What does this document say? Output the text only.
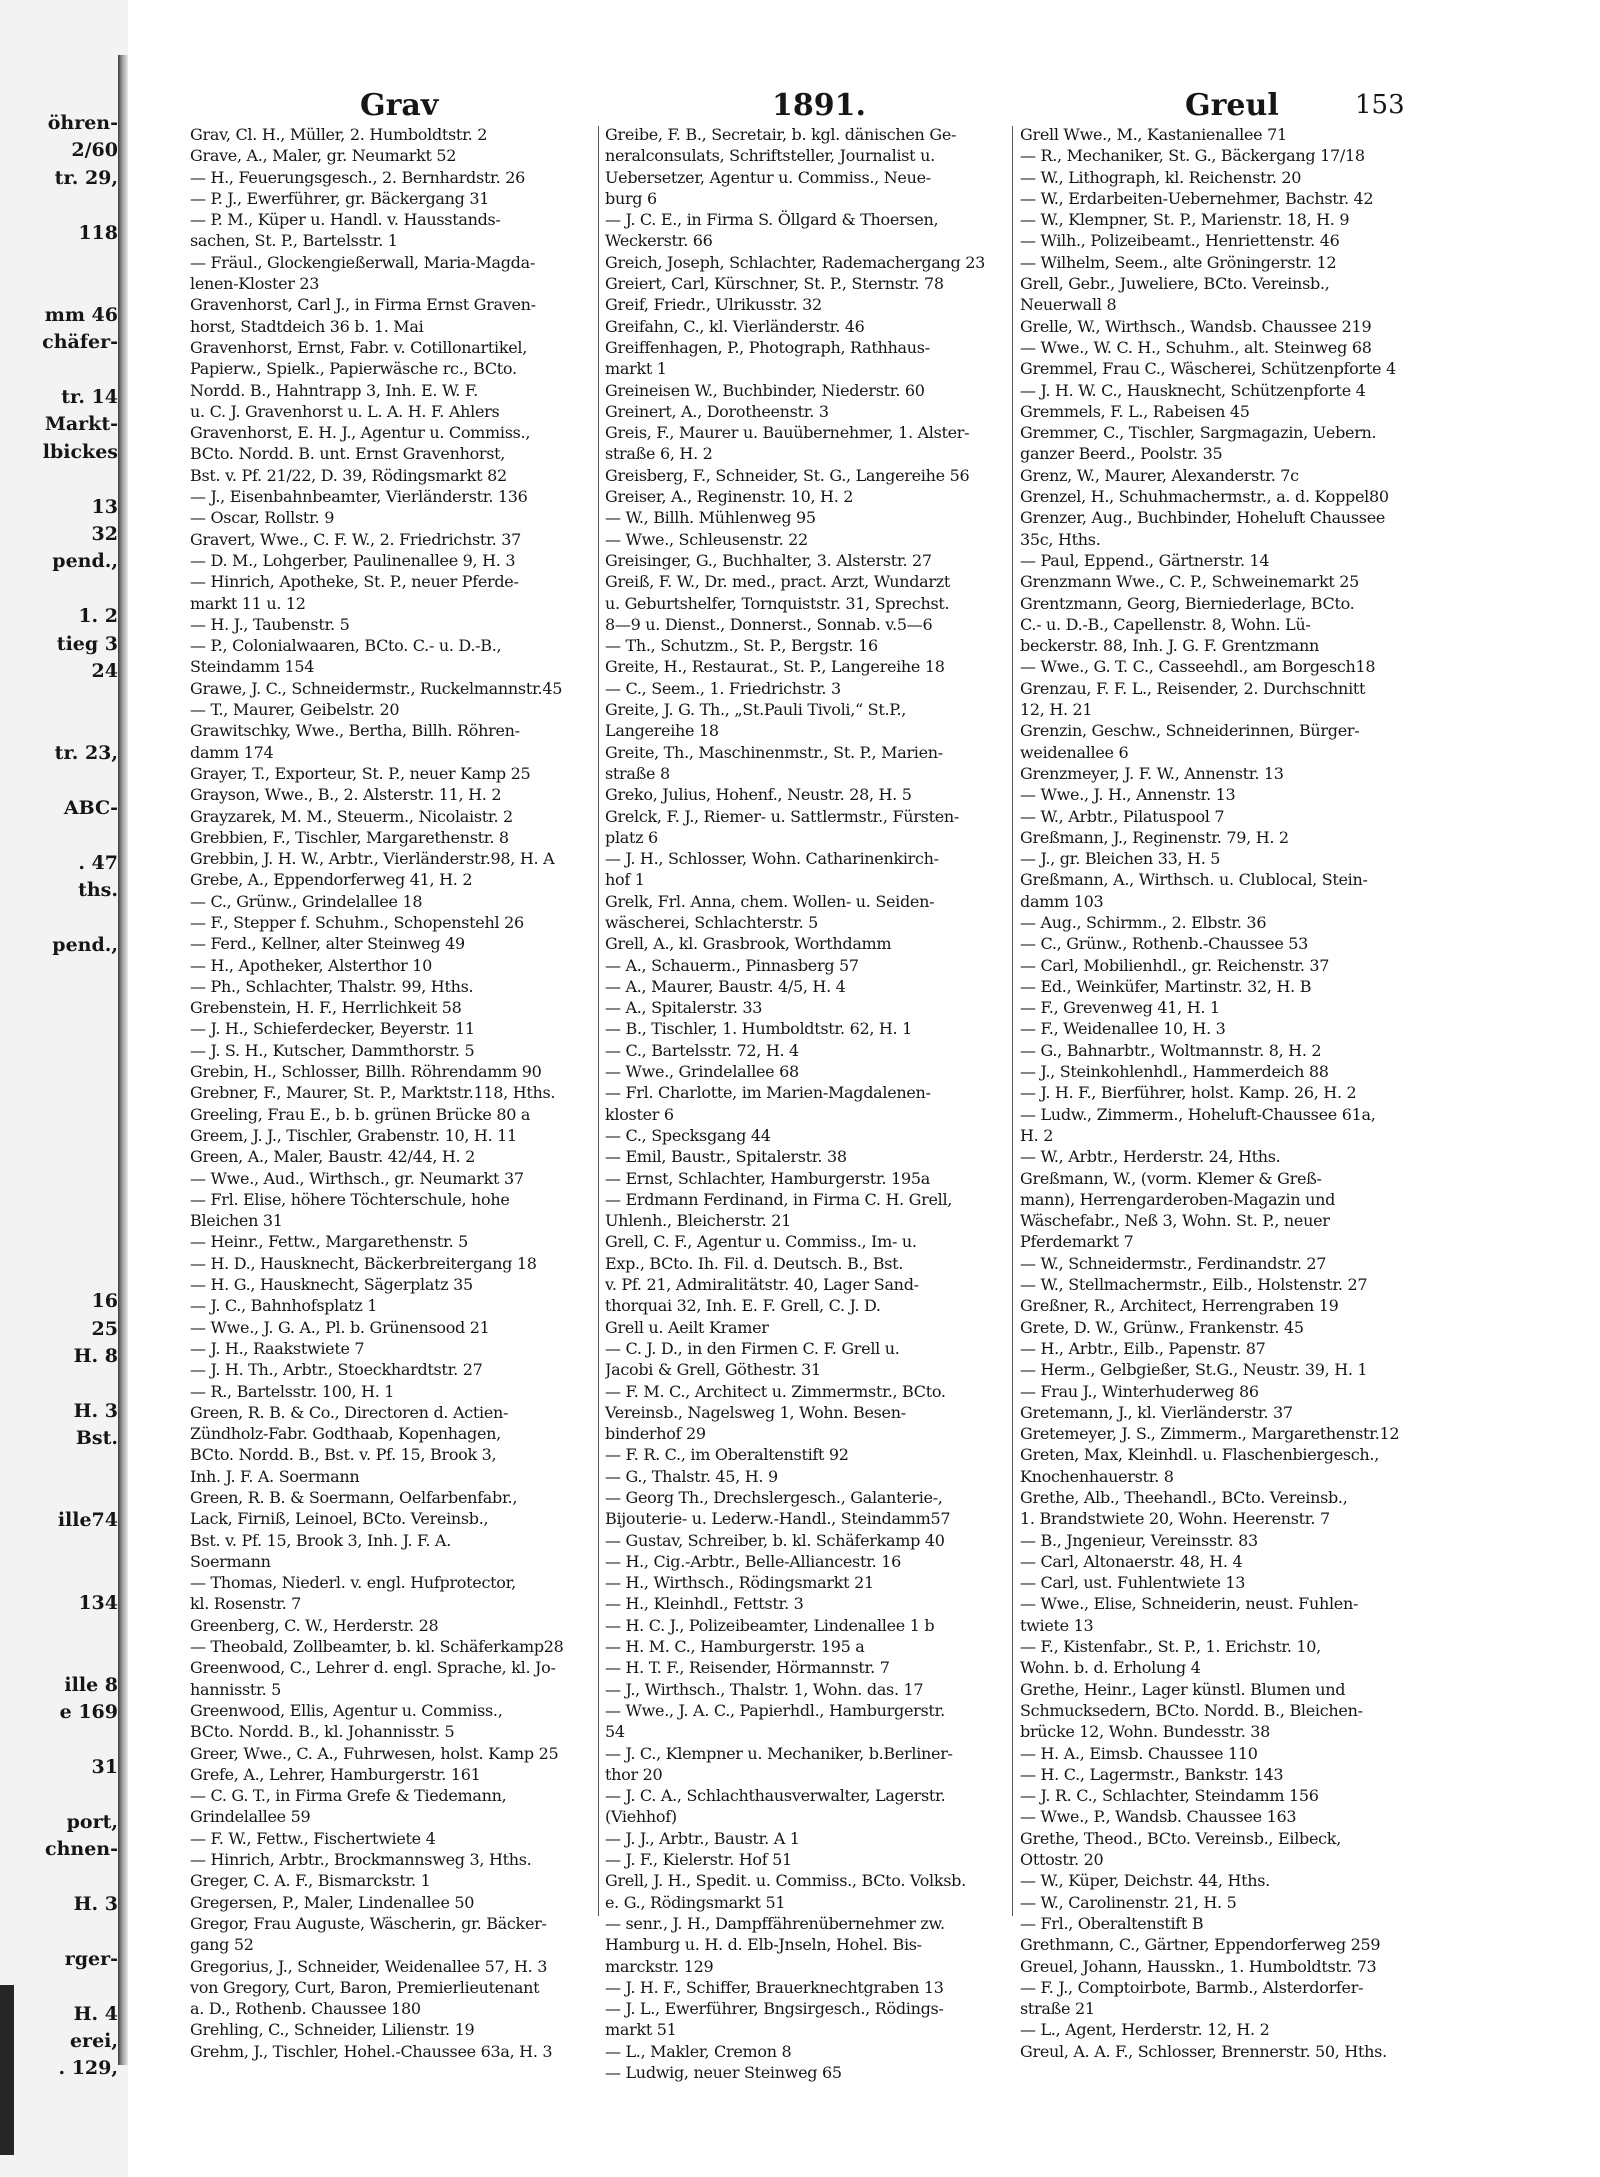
öhren-
2/60
tr. 29,
118
mm 46
chäfer-
tr. 14
Markt-
lbickes
13
32
pend.,
1. 2
tieg 3
24
tr. 23,
ABC-
. 47
ths.
pend.,
16
25
H. 8
H. 3
Bst.
ille74
134
ille 8
e 169
31
port,
chnen-
H. 3
rger-
H. 4
erei,
. 129,
Grav	1891.	Greul	153
Grav, Cl. H., Müller, 2. Humboldtstr. 2
Grave, A., Maler, gr. Neumarkt 52
— H., Feuerungsgesch., 2. Bernhardstr. 26
— P. J., Ewerführer, gr. Bäckergang 31
— P. M., Küper u. Handl. v. Hausstands-
sachen, St. P., Bartelsstr. 1
— Fräul., Glockengießerwall, Maria-Magda-
lenen-Kloster 23
Gravenhorst, Carl J., in Firma Ernst Graven-
horst, Stadtdeich 36 b. 1. Mai
Gravenhorst, Ernst, Fabr. v. Cotillonartikel,
Papierw., Spielk., Papierwäsche rc., BCto.
Nordd. B., Hahntrapp 3, Inh. E. W. F.
u. C. J. Gravenhorst u. L. A. H. F. Ahlers
Gravenhorst, E. H. J., Agentur u. Commiss.,
BCto. Nordd. B. unt. Ernst Gravenhorst,
Bst. v. Pf. 21/22, D. 39, Rödingsmarkt 82
— J., Eisenbahnbeamter, Vierländerstr. 136
— Oscar, Rollstr. 9
Gravert, Wwe., C. F. W., 2. Friedrichstr. 37
— D. M., Lohgerber, Paulinenallee 9, H. 3
— Hinrich, Apotheke, St. P., neuer Pferde-
markt 11 u. 12
— H. J., Taubenstr. 5
— P., Colonialwaaren, BCto. C.- u. D.-B.,
Steindamm 154
Grawe, J. C., Schneidermstr., Ruckelmannstr.45
— T., Maurer, Geibelstr. 20
Grawitschky, Wwe., Bertha, Billh. Röhren-
damm 174
Grayer, T., Exporteur, St. P., neuer Kamp 25
Grayson, Wwe., B., 2. Alsterstr. 11, H. 2
Grayzarek, M. M., Steuerm., Nicolaistr. 2
Grebbien, F., Tischler, Margarethenstr. 8
Grebbin, J. H. W., Arbtr., Vierländerstr.98, H. A
Grebe, A., Eppendorferweg 41, H. 2
— C., Grünw., Grindelallee 18
— F., Stepper f. Schuhm., Schopenstehl 26
— Ferd., Kellner, alter Steinweg 49
— H., Apotheker, Alsterthor 10
— Ph., Schlachter, Thalstr. 99, Hths.
Grebenstein, H. F., Herrlichkeit 58
— J. H., Schieferdecker, Beyerstr. 11
— J. S. H., Kutscher, Dammthorstr. 5
Grebin, H., Schlosser, Billh. Röhrendamm 90
Grebner, F., Maurer, St. P., Marktstr.118, Hths.
Greeling, Frau E., b. b. grünen Brücke 80 a
Greem, J. J., Tischler, Grabenstr. 10, H. 11
Green, A., Maler, Baustr. 42/44, H. 2
— Wwe., Aud., Wirthsch., gr. Neumarkt 37
— Frl. Elise, höhere Töchterschule, hohe
Bleichen 31
— Heinr., Fettw., Margarethenstr. 5
— H. D., Hausknecht, Bäckerbreitergang 18
— H. G., Hausknecht, Sägerplatz 35
— J. C., Bahnhofsplatz 1
— Wwe., J. G. A., Pl. b. Grünensood 21
— J. H., Raakstwiete 7
— J. H. Th., Arbtr., Stoeckhardtstr. 27
— R., Bartelsstr. 100, H. 1
Green, R. B. & Co., Directoren d. Actien-
Zündholz-Fabr. Godthaab, Kopenhagen,
BCto. Nordd. B., Bst. v. Pf. 15, Brook 3,
Inh. J. F. A. Soermann
Green, R. B. & Soermann, Oelfarbenfabr.,
Lack, Firniß, Leinoel, BCto. Vereinsb.,
Bst. v. Pf. 15, Brook 3, Inh. J. F. A.
Soermann
— Thomas, Niederl. v. engl. Hufprotector,
kl. Rosenstr. 7
Greenberg, C. W., Herderstr. 28
— Theobald, Zollbeamter, b. kl. Schäferkamp28
Greenwood, C., Lehrer d. engl. Sprache, kl. Jo-
hannisstr. 5
Greenwood, Ellis, Agentur u. Commiss.,
BCto. Nordd. B., kl. Johannisstr. 5
Greer, Wwe., C. A., Fuhrwesen, holst. Kamp 25
Grefe, A., Lehrer, Hamburgerstr. 161
— C. G. T., in Firma Grefe & Tiedemann,
Grindelallee 59
— F. W., Fettw., Fischertwiete 4
— Hinrich, Arbtr., Brockmannsweg 3, Hths.
Greger, C. A. F., Bismarckstr. 1
Gregersen, P., Maler, Lindenallee 50
Gregor, Frau Auguste, Wäscherin, gr. Bäcker-
gang 52
Gregorius, J., Schneider, Weidenallee 57, H. 3
von Gregory, Curt, Baron, Premierlieutenant
a. D., Rothenb. Chaussee 180
Grehling, C., Schneider, Lilienstr. 19
Grehm, J., Tischler, Hohel.-Chaussee 63a, H. 3
Greibe, F. B., Secretair, b. kgl. dänischen Ge-
neralconsulats, Schriftsteller, Journalist u.
Uebersetzer, Agentur u. Commiss., Neue-
burg 6
— J. C. E., in Firma S. Öllgard & Thoersen,
Weckerstr. 66
Greich, Joseph, Schlachter, Rademachergang 23
Greiert, Carl, Kürschner, St. P., Sternstr. 78
Greif, Friedr., Ulrikusstr. 32
Greifahn, C., kl. Vierländerstr. 46
Greiffenhagen, P., Photograph, Rathhaus-
markt 1
Greineisen W., Buchbinder, Niederstr. 60
Greinert, A., Dorotheenstr. 3
Greis, F., Maurer u. Bauübernehmer, 1. Alster-
straße 6, H. 2
Greisberg, F., Schneider, St. G., Langereihe 56
Greiser, A., Reginenstr. 10, H. 2
— W., Billh. Mühlenweg 95
— Wwe., Schleusenstr. 22
Greisinger, G., Buchhalter, 3. Alsterstr. 27
Greiß, F. W., Dr. med., pract. Arzt, Wundarzt
u. Geburtshelfer, Tornquiststr. 31, Sprechst.
8—9 u. Dienst., Donnerst., Sonnab. v.5—6
— Th., Schutzm., St. P., Bergstr. 16
Greite, H., Restaurat., St. P., Langereihe 18
— C., Seem., 1. Friedrichstr. 3
Greite, J. G. Th., „St.Pauli Tivoli,“ St.P.,
Langereihe 18
Greite, Th., Maschinenmstr., St. P., Marien-
straße 8
Greko, Julius, Hohenf., Neustr. 28, H. 5
Grelck, F. J., Riemer- u. Sattlermstr., Fürsten-
platz 6
— J. H., Schlosser, Wohn. Catharinenkirch-
hof 1
Grelk, Frl. Anna, chem. Wollen- u. Seiden-
wäscherei, Schlachterstr. 5
Grell, A., kl. Grasbrook, Worthdamm
— A., Schauerm., Pinnasberg 57
— A., Maurer, Baustr. 4/5, H. 4
— A., Spitalerstr. 33
— B., Tischler, 1. Humboldtstr. 62, H. 1
— C., Bartelsstr. 72, H. 4
— Wwe., Grindelallee 68
— Frl. Charlotte, im Marien-Magdalenen-
kloster 6
— C., Specksgang 44
— Emil, Baustr., Spitalerstr. 38
— Ernst, Schlachter, Hamburgerstr. 195a
— Erdmann Ferdinand, in Firma C. H. Grell,
Uhlenh., Bleicherstr. 21
Grell, C. F., Agentur u. Commiss., Im- u.
Exp., BCto. Ih. Fil. d. Deutsch. B., Bst.
v. Pf. 21, Admiralitätstr. 40, Lager Sand-
thorquai 32, Inh. E. F. Grell, C. J. D.
Grell u. Aeilt Kramer
— C. J. D., in den Firmen C. F. Grell u.
Jacobi & Grell, Göthestr. 31
— F. M. C., Architect u. Zimmermstr., BCto.
Vereinsb., Nagelsweg 1, Wohn. Besen-
binderhof 29
— F. R. C., im Oberaltenstift 92
— G., Thalstr. 45, H. 9
— Georg Th., Drechslergesch., Galanterie-,
Bijouterie- u. Lederw.-Handl., Steindamm57
— Gustav, Schreiber, b. kl. Schäferkamp 40
— H., Cig.-Arbtr., Belle-Alliancestr. 16
— H., Wirthsch., Rödingsmarkt 21
— H., Kleinhdl., Fettstr. 3
— H. C. J., Polizeibeamter, Lindenallee 1 b
— H. M. C., Hamburgerstr. 195 a
— H. T. F., Reisender, Hörmannstr. 7
— J., Wirthsch., Thalstr. 1, Wohn. das. 17
— Wwe., J. A. C., Papierhdl., Hamburgerstr.
54
— J. C., Klempner u. Mechaniker, b.Berliner-
thor 20
— J. C. A., Schlachthausverwalter, Lagerstr.
(Viehhof)
— J. J., Arbtr., Baustr. A 1
— J. F., Kielerstr. Hof 51
Grell, J. H., Spedit. u. Commiss., BCto. Volksb.
e. G., Rödingsmarkt 51
— senr., J. H., Dampffährenübernehmer zw.
Hamburg u. H. d. Elb-Jnseln, Hohel. Bis-
marckstr. 129
— J. H. F., Schiffer, Brauerknechtgraben 13
— J. L., Ewerführer, Bngsirgesch., Rödings-
markt 51
— L., Makler, Cremon 8
— Ludwig, neuer Steinweg 65
Grell Wwe., M., Kastanienallee 71
— R., Mechaniker, St. G., Bäckergang 17/18
— W., Lithograph, kl. Reichenstr. 20
— W., Erdarbeiten-Uebernehmer, Bachstr. 42
— W., Klempner, St. P., Marienstr. 18, H. 9
— Wilh., Polizeibeamt., Henriettenstr. 46
— Wilhelm, Seem., alte Gröningerstr. 12
Grell, Gebr., Juweliere, BCto. Vereinsb.,
Neuerwall 8
Grelle, W., Wirthsch., Wandsb. Chaussee 219
— Wwe., W. C. H., Schuhm., alt. Steinweg 68
Gremmel, Frau C., Wäscherei, Schützenpforte 4
— J. H. W. C., Hausknecht, Schützenpforte 4
Gremmels, F. L., Rabeisen 45
Gremmer, C., Tischler, Sargmagazin, Uebern.
ganzer Beerd., Poolstr. 35
Grenz, W., Maurer, Alexanderstr. 7c
Grenzel, H., Schuhmachermstr., a. d. Koppel80
Grenzer, Aug., Buchbinder, Hoheluft Chaussee
35c, Hths.
— Paul, Eppend., Gärtnerstr. 14
Grenzmann Wwe., C. P., Schweinemarkt 25
Grentzmann, Georg, Bierniederlage, BCto.
C.- u. D.-B., Capellenstr. 8, Wohn. Lü-
beckerstr. 88, Inh. J. G. F. Grentzmann
— Wwe., G. T. C., Casseehdl., am Borgesch18
Grenzau, F. F. L., Reisender, 2. Durchschnitt
12, H. 21
Grenzin, Geschw., Schneiderinnen, Bürger-
weidenallee 6
Grenzmeyer, J. F. W., Annenstr. 13
— Wwe., J. H., Annenstr. 13
— W., Arbtr., Pilatuspool 7
Greßmann, J., Reginenstr. 79, H. 2
— J., gr. Bleichen 33, H. 5
Greßmann, A., Wirthsch. u. Clublocal, Stein-
damm 103
— Aug., Schirmm., 2. Elbstr. 36
— C., Grünw., Rothenb.-Chaussee 53
— Carl, Mobilienhdl., gr. Reichenstr. 37
— Ed., Weinküfer, Martinstr. 32, H. B
— F., Grevenweg 41, H. 1
— F., Weidenallee 10, H. 3
— G., Bahnarbtr., Woltmannstr. 8, H. 2
— J., Steinkohlenhdl., Hammerdeich 88
— J. H. F., Bierführer, holst. Kamp. 26, H. 2
— Ludw., Zimmerm., Hoheluft-Chaussee 61a,
H. 2
— W., Arbtr., Herderstr. 24, Hths.
Greßmann, W., (vorm. Klemer & Greß-
mann), Herrengarderoben-Magazin und
Wäschefabr., Neß 3, Wohn. St. P., neuer
Pferdemarkt 7
— W., Schneidermstr., Ferdinandstr. 27
— W., Stellmachermstr., Eilb., Holstenstr. 27
Greßner, R., Architect, Herrengraben 19
Grete, D. W., Grünw., Frankenstr. 45
— H., Arbtr., Eilb., Papenstr. 87
— Herm., Gelbgießer, St.G., Neustr. 39, H. 1
— Frau J., Winterhuderweg 86
Gretemann, J., kl. Vierländerstr. 37
Gretemeyer, J. S., Zimmerm., Margarethenstr.12
Greten, Max, Kleinhdl. u. Flaschenbiergesch.,
Knochenhauerstr. 8
Grethe, Alb., Theehandl., BCto. Vereinsb.,
1. Brandstwiete 20, Wohn. Heerenstr. 7
— B., Jngenieur, Vereinsstr. 83
— Carl, Altonaerstr. 48, H. 4
— Carl, ust. Fuhlentwiete 13
— Wwe., Elise, Schneiderin, neust. Fuhlen-
twiete 13
— F., Kistenfabr., St. P., 1. Erichstr. 10,
Wohn. b. d. Erholung 4
Grethe, Heinr., Lager künstl. Blumen und
Schmucksedern, BCto. Nordd. B., Bleichen-
brücke 12, Wohn. Bundesstr. 38
— H. A., Eimsb. Chaussee 110
— H. C., Lagermstr., Bankstr. 143
— J. R. C., Schlachter, Steindamm 156
— Wwe., P., Wandsb. Chaussee 163
Grethe, Theod., BCto. Vereinsb., Eilbeck,
Ottostr. 20
— W., Küper, Deichstr. 44, Hths.
— W., Carolinenstr. 21, H. 5
— Frl., Oberaltenstift B
Grethmann, C., Gärtner, Eppendorferweg 259
Greuel, Johann, Hausskn., 1. Humboldtstr. 73
— F. J., Comptoirbote, Barmb., Alsterdorfer-
straße 21
— L., Agent, Herderstr. 12, H. 2
Greul, A. A. F., Schlosser, Brennerstr. 50, Hths.
